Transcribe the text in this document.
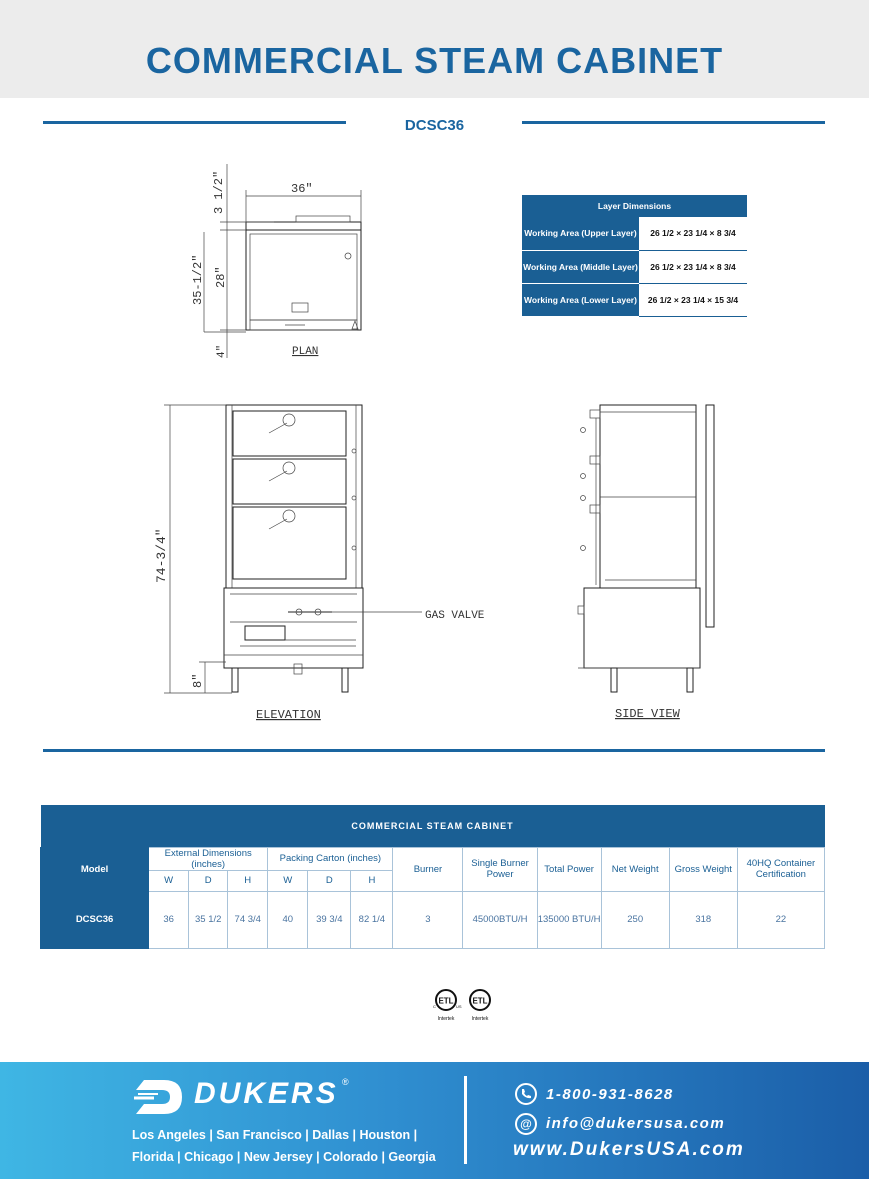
COMMERCIAL STEAM CABINET
DCSC36
36"
3 1/2"
35-1/2" 28"
4"	PLAN
GAS VALVE
74-3/4"
8"
ELEVATION	SIDE VIEW
Layer Dimensions	
Working Area (Upper Layer)	26 1/2 × 23 1/4 × 8 3/4
Working Area (Middle Layer)	26 1/2 × 23 1/4 × 8 3/4
Working Area (Lower Layer)	26 1/2 × 23 1/4 × 15 3/4
COMMERCIAL STEAM CABINET												
Model	External Dimensions (inches)			Packing Carton (inches)			Burner	Single Burner Power	Total Power	Net Weight	Gross Weight	40HQ Container Certification
	W	D	H	W	D	H						
DCSC36	36	35 1/2	74 3/4	40	39 3/4	82 1/4	3	45000BTU/H	135000 BTU/H	250	318	22
ETL
C	US
Intertek
ETL
Intertek
DUKERS ®
Los Angeles | San Francisco | Dallas | Houston |
Florida | Chicago | New Jersey | Colorado | Georgia
1-800-931-8628
@ info@dukersusa.com
www.DukersUSA.com
